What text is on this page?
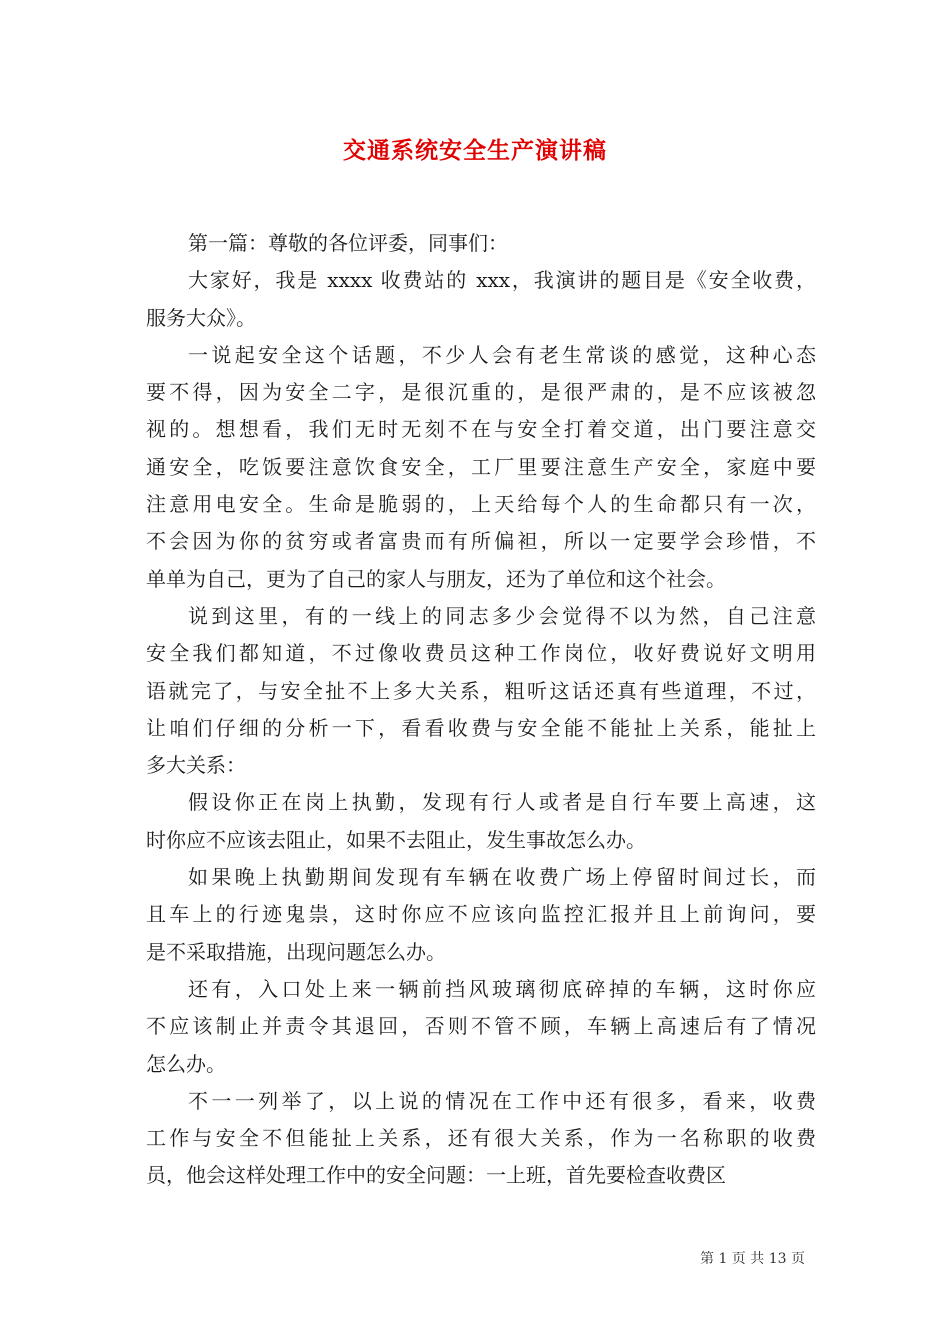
交通系统安全生产演讲稿
第一篇：尊敬的各位评委，同事们：
大家好，我是 xxxx 收费站的 xxx，我演讲的题目是《安全收费，
服务大众》。
一说起安全这个话题，不少人会有老生常谈的感觉，这种心态
要不得，因为安全二字，是很沉重的，是很严肃的，是不应该被忽
视的。想想看，我们无时无刻不在与安全打着交道，出门要注意交
通安全，吃饭要注意饮食安全，工厂里要注意生产安全，家庭中要
注意用电安全。生命是脆弱的，上天给每个人的生命都只有一次，
不会因为你的贫穷或者富贵而有所偏袒，所以一定要学会珍惜，不
单单为自己，更为了自己的家人与朋友，还为了单位和这个社会。
说到这里，有的一线上的同志多少会觉得不以为然，自己注意
安全我们都知道，不过像收费员这种工作岗位，收好费说好文明用
语就完了，与安全扯不上多大关系，粗听这话还真有些道理，不过，
让咱们仔细的分析一下，看看收费与安全能不能扯上关系，能扯上
多大关系：
假设你正在岗上执勤，发现有行人或者是自行车要上高速，这
时你应不应该去阻止，如果不去阻止，发生事故怎么办。
如果晚上执勤期间发现有车辆在收费广场上停留时间过长，而
且车上的行迹鬼祟，这时你应不应该向监控汇报并且上前询问，要
是不采取措施，出现问题怎么办。
还有，入口处上来一辆前挡风玻璃彻底碎掉的车辆，这时你应
不应该制止并责令其退回，否则不管不顾，车辆上高速后有了情况
怎么办。
不一一列举了，以上说的情况在工作中还有很多，看来，收费
工作与安全不但能扯上关系，还有很大关系，作为一名称职的收费
员，他会这样处理工作中的安全问题：一上班，首先要检查收费区
第 1 页 共 13 页
